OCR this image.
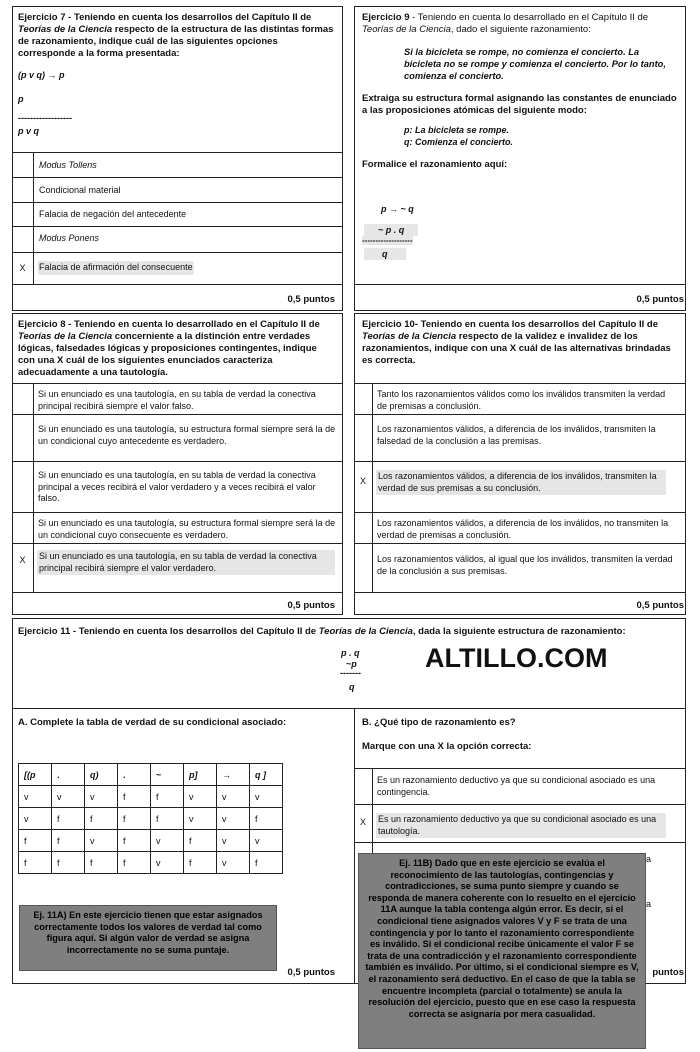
Ejercicio 7 - Teniendo en cuenta los desarrollos del Capítulo II de Teorías de la Ciencia respecto de la estructura de las distintas formas de razonamiento, indique cuál de las siguientes opciones corresponde a la forma presentada:
(p v q) → p
p
------------------
p v q
Modus Tollens
Condicional material
Falacia de negación del antecedente
Modus Ponens
X	Falacia de afirmación del consecuente
0,5 puntos
Ejercicio 9 - Teniendo en cuenta lo desarrollado en el Capítulo II de Teorías de la Ciencia, dado el siguiente razonamiento:
Si la bicicleta se rompe, no comienza el concierto. La bicicleta no se rompe y comienza el concierto. Por lo tanto, comienza el concierto.
Extraiga su estructura formal asignando las constantes de enunciado a las proposiciones atómicas del siguiente modo:
p: La bicicleta se rompe.
q: Comienza el concierto.
Formalice el razonamiento aquí:
p → ~ q
~ p . q
-------------------
q
0,5 puntos
Ejercicio 8 - Teniendo en cuenta lo desarrollado en el Capítulo II de Teorías de la Ciencia concerniente a la distinción entre verdades lógicas, falsedades lógicas y proposiciones contingentes, indique con una X cuál de los siguientes enunciados caracteriza adecuadamente a una tautología.
Si un enunciado es una tautología, en su tabla de verdad la conectiva principal recibirá siempre el valor falso.
Si un enunciado es una tautología, su estructura formal siempre será la de un condicional cuyo antecedente es verdadero.
Si un enunciado es una tautología, en su tabla de verdad la conectiva principal a veces recibirá el valor verdadero y a veces recibirá el valor falso.
Si un enunciado es una tautología, su estructura formal siempre será la de un condicional cuyo consecuente es verdadero.
X	Si un enunciado es una tautología, en su tabla de verdad la conectiva principal recibirá siempre el valor verdadero.
0,5 puntos
Ejercicio 10- Teniendo en cuenta los desarrollos del Capítulo II de Teorías de la Ciencia respecto de la validez e invalidez de los razonamientos, indique con una X cuál de las alternativas brindadas es correcta.
Tanto los razonamientos válidos como los inválidos transmiten la verdad de premisas a conclusión.
Los razonamientos válidos, a diferencia de los inválidos, transmiten la falsedad de la conclusión a las premisas.
X	Los razonamientos válidos, a diferencia de los inválidos, transmiten la verdad de sus premisas a su conclusión.
Los razonamientos válidos, a diferencia de los inválidos, no transmiten la verdad de premisas a conclusión.
Los razonamientos válidos, al igual que los inválidos, transmiten la verdad de la conclusión a sus premisas.
0,5 puntos
Ejercicio 11 - Teniendo en cuenta los desarrollos del Capítulo II de Teorías de la Ciencia, dada la siguiente estructura de razonamiento:
p . q
~p
-------
q
ALTILLO.COM
A. Complete la tabla de verdad de su condicional asociado:
[(p	.	q)	.	~	p]	→	q ]
v	v	v	f	f	v	v	v
v	f	f	f	f	v	v	f
f	f	v	f	v	f	v	v
f	f	f	f	v	f	v	f
Ej. 11A) En este ejercicio tienen que estar asignados correctamente todos los valores de verdad tal como figura aquí. Si algún valor de verdad se asigna incorrectamente no se suma puntaje.
0,5 puntos
B. ¿Qué tipo de razonamiento es?
Marque con una X la opción correcta:
Es un razonamiento deductivo ya que su condicional asociado es una contingencia.
X	Es un razonamiento deductivo ya que su condicional asociado es una tautología.
a
a
puntos
Ej. 11B) Dado que en este ejercicio se evalúa el reconocimiento de las tautologías, contingencias y contradicciones, se suma punto siempre y cuando se responda de manera coherente con lo resuelto en el ejercicio 11A aunque la tabla contenga algún error. Es decir, si el condicional tiene asignados valores V y F se trata de una contingencia y por lo tanto el razonamiento correspondiente es inválido. Si el condicional recibe únicamente el valor F se trata de una contradicción y el razonamiento correspondiente también es inválido. Por último, si el condicional siempre es V, el razonamiento será deductivo. En el caso de que la tabla se encuentre incompleta (parcial o totalmente) se anula la resolución del ejercicio, puesto que en ese caso la respuesta correcta se asignaría por mera casualidad.
